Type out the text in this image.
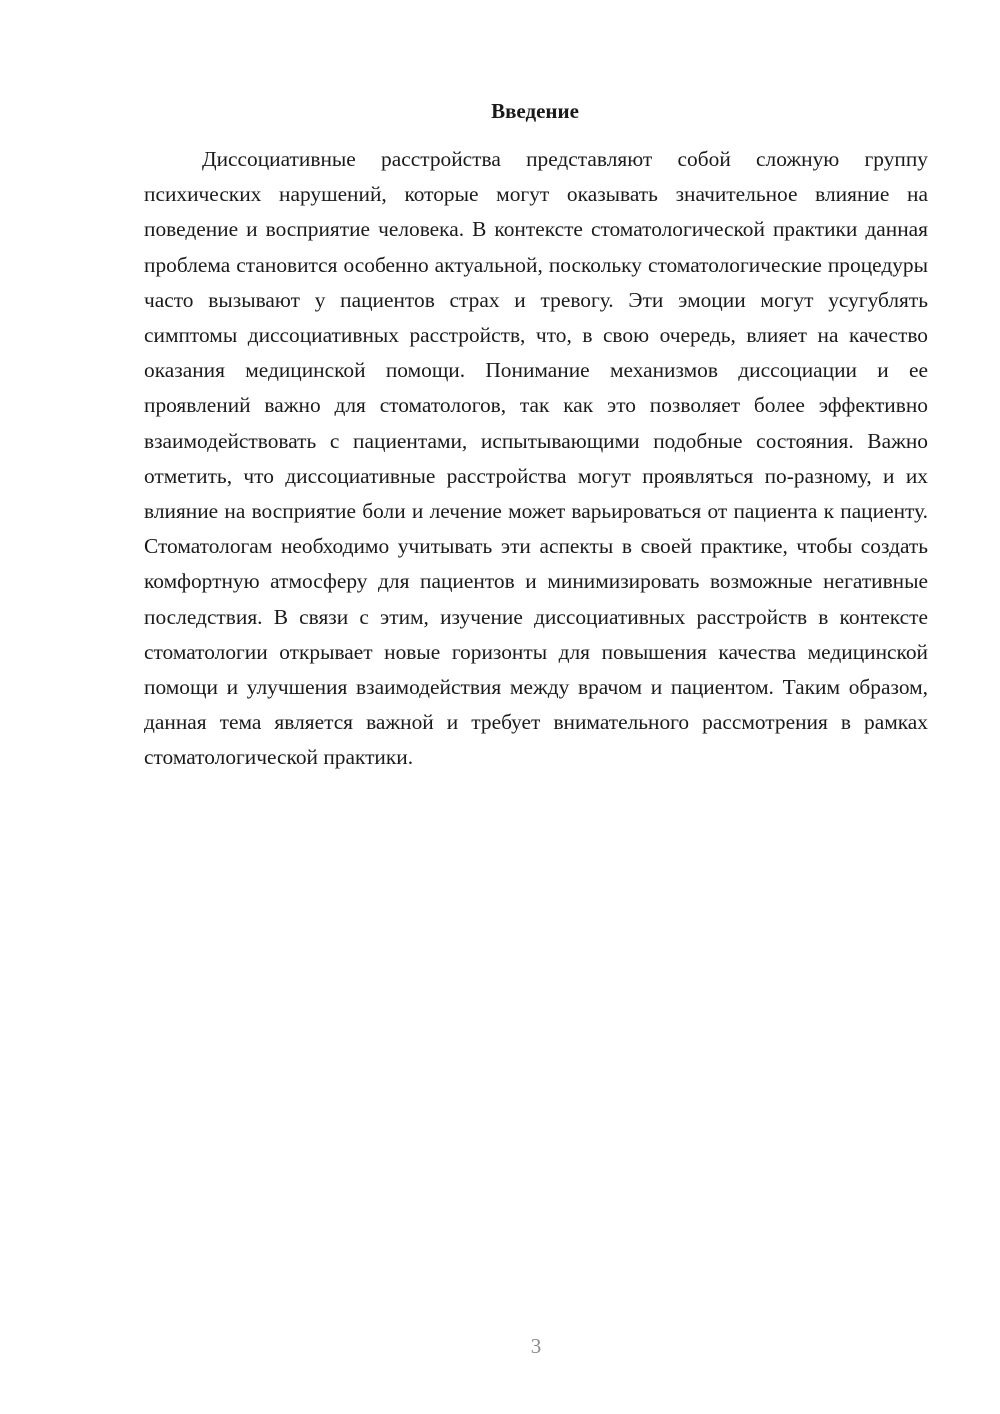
Введение

Диссоциативные расстройства представляют собой сложную группу психических нарушений, которые могут оказывать значительное влияние на поведение и восприятие человека. В контексте стоматологической практики данная проблема становится особенно актуальной, поскольку стоматологические процедуры часто вызывают у пациентов страх и тревогу. Эти эмоции могут усугублять симптомы диссоциативных расстройств, что, в свою очередь, влияет на качество оказания медицинской помощи. Понимание механизмов диссоциации и ее проявлений важно для стоматологов, так как это позволяет более эффективно взаимодействовать с пациентами, испытывающими подобные состояния. Важно отметить, что диссоциативные расстройства могут проявляться по-разному, и их влияние на восприятие боли и лечение может варьироваться от пациента к пациенту. Стоматологам необходимо учитывать эти аспекты в своей практике, чтобы создать комфортную атмосферу для пациентов и минимизировать возможные негативные последствия. В связи с этим, изучение диссоциативных расстройств в контексте стоматологии открывает новые горизонты для повышения качества медицинской помощи и улучшения взаимодействия между врачом и пациентом. Таким образом, данная тема является важной и требует внимательного рассмотрения в рамках стоматологической практики.

3
